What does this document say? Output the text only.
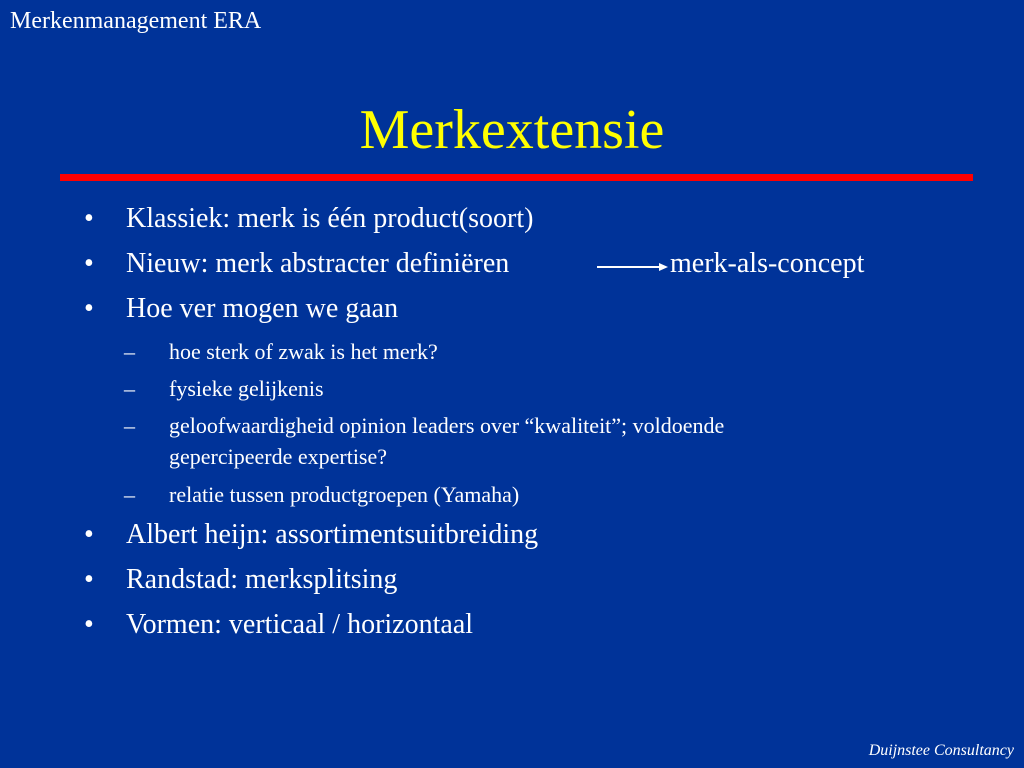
Merkenmanagement ERA
Merkextensie
• Klassiek: merk is één product(soort)
• Nieuw: merk abstracter definiëren	merk-als-concept
• Hoe ver mogen we gaan
– hoe sterk of zwak is het merk?
– fysieke gelijkenis
– geloofwaardigheid opinion leaders over “kwaliteit”; voldoende
gepercipeerde expertise?
– relatie tussen productgroepen (Yamaha)
• Albert heijn: assortimentsuitbreiding
• Randstad: merksplitsing
• Vormen: verticaal / horizontaal
Duijnstee Consultancy
